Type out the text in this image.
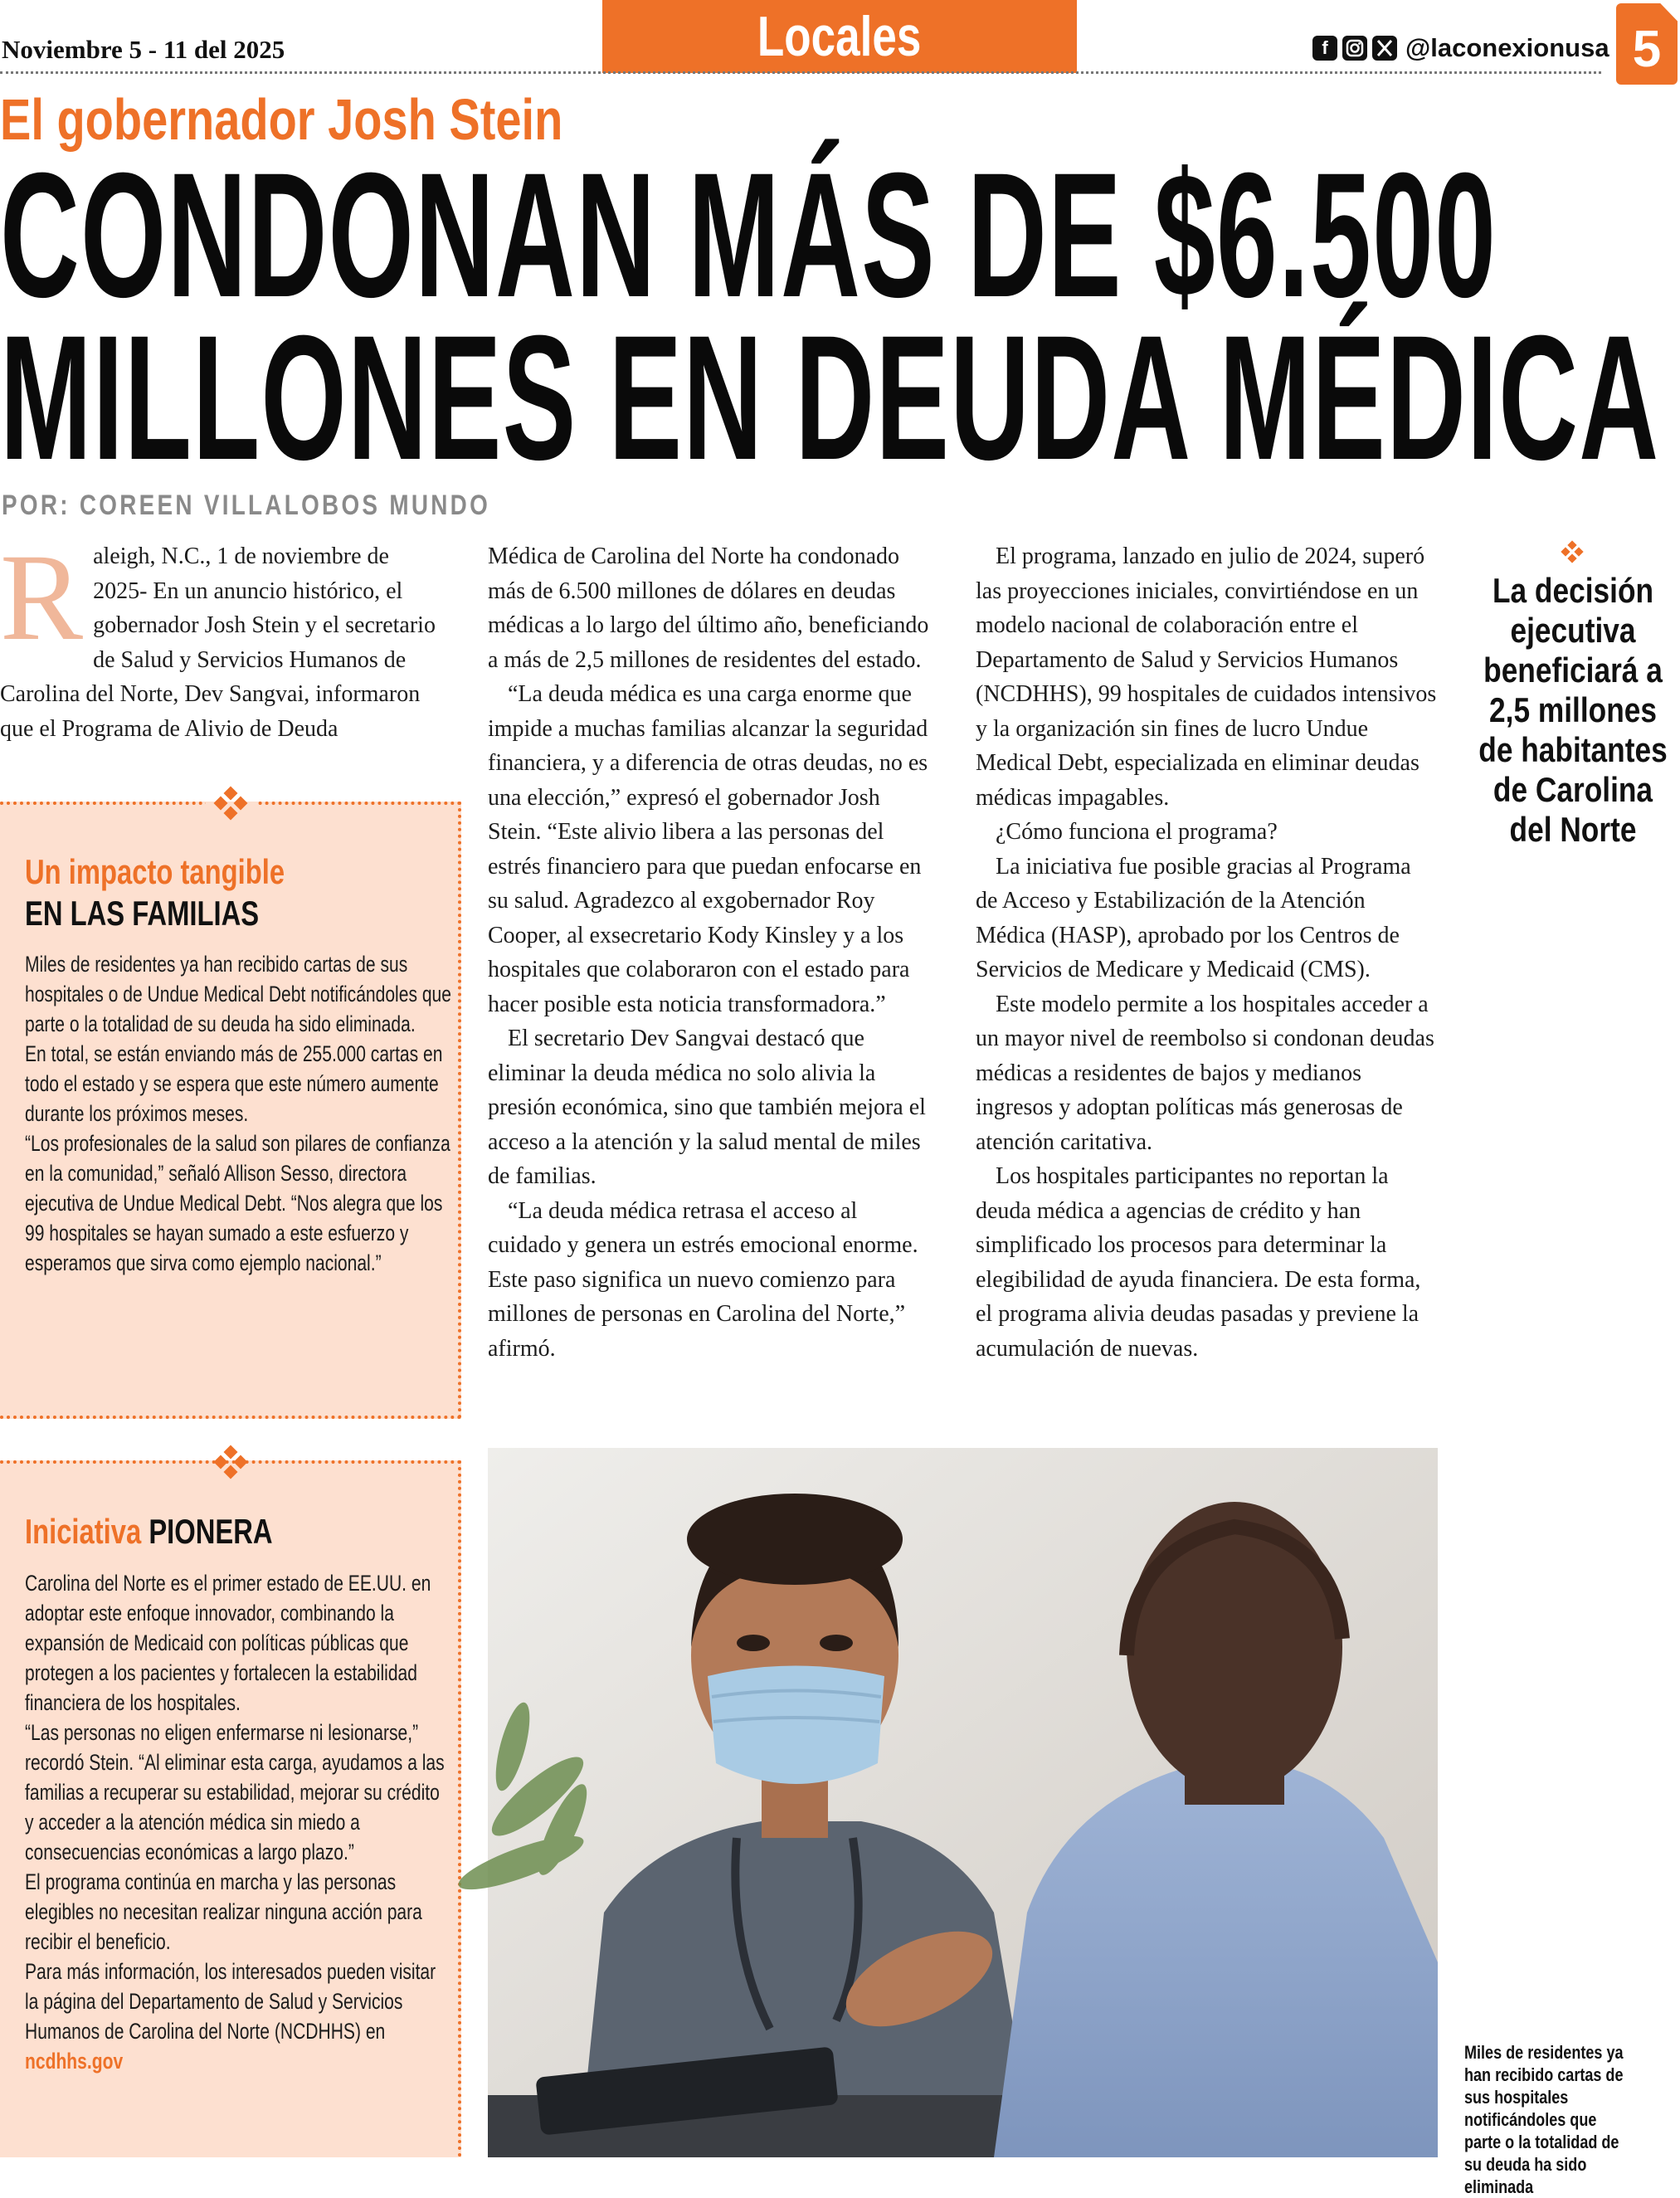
Noviembre 5 - 11 del 2025	Locales	f	@laconexionusa 5
El gobernador Josh Stein
CONDONAN MÁS DE $6.500
MILLONES EN DEUDA MÉDICA
POR: COREEN VILLALOBOS MUNDO

Raleigh, N.C., 1 de noviembre de 2025- En un anuncio histórico, el gobernador Josh Stein y el secretario de Salud y Servicios Humanos de Carolina del Norte, Dev Sangvai, informaron que el Programa de Alivio de Deuda

Médica de Carolina del Norte ha condonado más de 6.500 millones de dólares en deudas médicas a lo largo del último año, beneficiando a más de 2,5 millones de residentes del estado.

“La deuda médica es una carga enorme que impide a muchas familias alcanzar la seguridad financiera, y a diferencia de otras deudas, no es una elección,” expresó el gobernador Josh Stein. “Este alivio libera a las personas del estrés financiero para que puedan enfocarse en su salud. Agradezco al exgobernador Roy Cooper, al exsecretario Kody Kinsley y a los hospitales que colaboraron con el estado para hacer posible esta noticia transformadora.”

El secretario Dev Sangvai destacó que eliminar la deuda médica no solo alivia la presión económica, sino que también mejora el acceso a la atención y la salud mental de miles de familias.

“La deuda médica retrasa el acceso al cuidado y genera un estrés emocional enorme. Este paso significa un nuevo comienzo para millones de personas en Carolina del Norte,” afirmó.

El programa, lanzado en julio de 2024, superó las proyecciones iniciales, convirtiéndose en un modelo nacional de colaboración entre el Departamento de Salud y Servicios Humanos (NCDHHS), 99 hospitales de cuidados intensivos y la organización sin fines de lucro Undue Medical Debt, especializada en eliminar deudas médicas impagables.

¿Cómo funciona el programa?

La iniciativa fue posible gracias al Programa de Acceso y Estabilización de la Atención Médica (HASP), aprobado por los Centros de Servicios de Medicare y Medicaid (CMS).

Este modelo permite a los hospitales acceder a un mayor nivel de reembolso si condonan deudas médicas a residentes de bajos y medianos ingresos y adoptan políticas más generosas de atención caritativa.

Los hospitales participantes no reportan la deuda médica a agencias de crédito y han simplificado los procesos para determinar la elegibilidad de ayuda financiera. De esta forma, el programa alivia deudas pasadas y previene la acumulación de nuevas.

Un impacto tangible
EN LAS FAMILIAS

Miles de residentes ya han recibido cartas de sus hospitales o de Undue Medical Debt notificándoles que parte o la totalidad de su deuda ha sido eliminada.

En total, se están enviando más de 255.000 cartas en todo el estado y se espera que este número aumente durante los próximos meses.

“Los profesionales de la salud son pilares de confianza en la comunidad,” señaló Allison Sesso, directora ejecutiva de Undue Medical Debt. “Nos alegra que los 99 hospitales se hayan sumado a este esfuerzo y esperamos que sirva como ejemplo nacional.”

Iniciativa PIONERA

Carolina del Norte es el primer estado de EE.UU. en adoptar este enfoque innovador, combinando la expansión de Medicaid con políticas públicas que protegen a los pacientes y fortalecen la estabilidad financiera de los hospitales.

“Las personas no eligen enfermarse ni lesionarse,” recordó Stein. “Al eliminar esta carga, ayudamos a las familias a recuperar su estabilidad, mejorar su crédito y acceder a la atención médica sin miedo a consecuencias económicas a largo plazo.”

El programa continúa en marcha y las personas elegibles no necesitan realizar ninguna acción para recibir el beneficio.

Para más información, los interesados pueden visitar la página del Departamento de Salud y Servicios Humanos de Carolina del Norte (NCDHHS) en ncdhhs.gov

La decisión ejecutiva beneficiará a 2,5 millones de habitantes de Carolina del Norte
Miles de residentes ya han recibido cartas de sus hospitales notificándoles que parte o la totalidad de su deuda ha sido eliminada
